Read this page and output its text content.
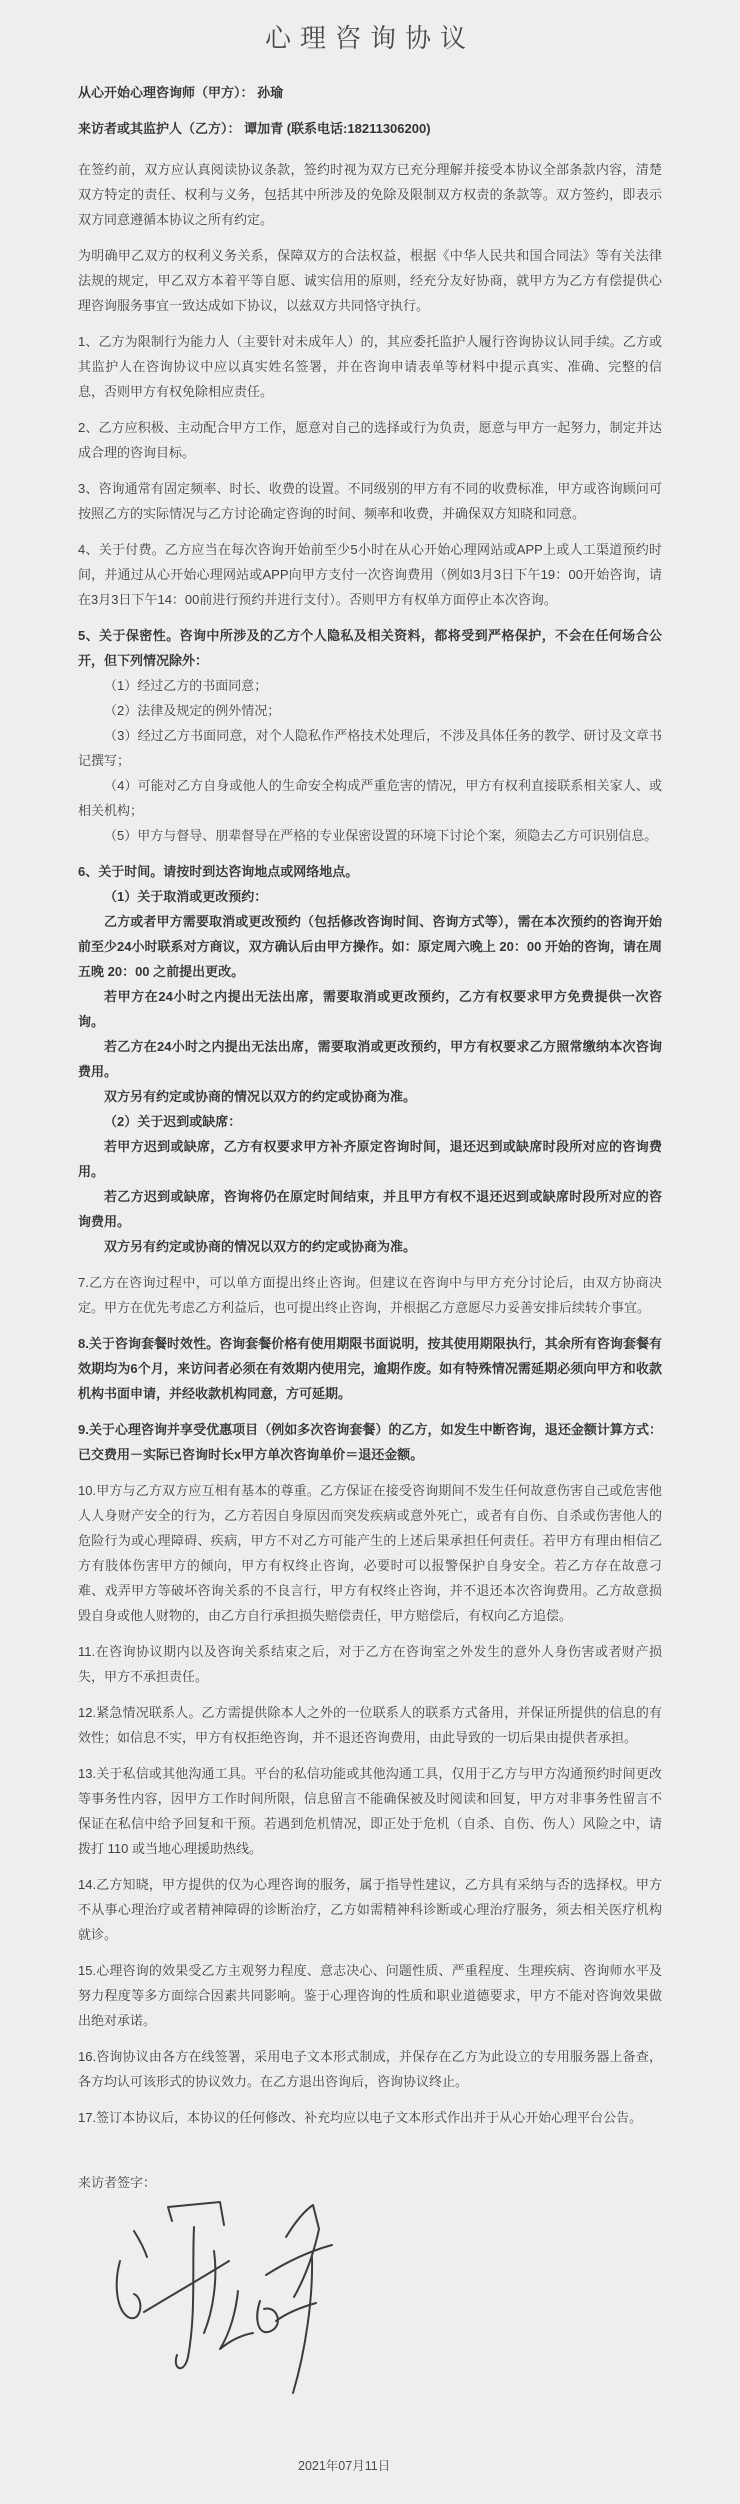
心理咨询协议

从心开始心理咨询师（甲方）： 孙瑜

来访者或其监护人（乙方）： 谭加青 (联系电话:18211306200)

在签约前，双方应认真阅读协议条款，签约时视为双方已充分理解并接受本协议全部条款内容，清楚双方特定的责任、权利与义务，包括其中所涉及的免除及限制双方权责的条款等。双方签约，即表示双方同意遵循本协议之所有约定。

为明确甲乙双方的权利义务关系，保障双方的合法权益，根据《中华人民共和国合同法》等有关法律法规的规定，甲乙双方本着平等自愿、诚实信用的原则，经充分友好协商，就甲方为乙方有偿提供心理咨询服务事宜一致达成如下协议，以兹双方共同恪守执行。

1、乙方为限制行为能力人（主要针对未成年人）的，其应委托监护人履行咨询协议认同手续。乙方或其监护人在咨询协议中应以真实姓名签署，并在咨询申请表单等材料中提示真实、准确、完整的信息，否则甲方有权免除相应责任。

2、乙方应积极、主动配合甲方工作，愿意对自己的选择或行为负责，愿意与甲方一起努力，制定并达成合理的咨询目标。

3、咨询通常有固定频率、时长、收费的设置。不同级别的甲方有不同的收费标准，甲方或咨询顾问可按照乙方的实际情况与乙方讨论确定咨询的时间、频率和收费，并确保双方知晓和同意。

4、关于付费。乙方应当在每次咨询开始前至少5小时在从心开始心理网站或APP上或人工渠道预约时间，并通过从心开始心理网站或APP向甲方支付一次咨询费用（例如3月3日下午19：00开始咨询，请在3月3日下午14：00前进行预约并进行支付）。否则甲方有权单方面停止本次咨询。

5、关于保密性。咨询中所涉及的乙方个人隐私及相关资料，都将受到严格保护，不会在任何场合公开，但下列情况除外：

（1）经过乙方的书面同意；

（2）法律及规定的例外情况；

（3）经过乙方书面同意，对个人隐私作严格技术处理后，不涉及具体任务的教学、研讨及文章书记撰写；

（4）可能对乙方自身或他人的生命安全构成严重危害的情况，甲方有权利直接联系相关家人、或相关机构；

（5）甲方与督导、朋辈督导在严格的专业保密设置的环境下讨论个案，须隐去乙方可识别信息。

6、关于时间。请按时到达咨询地点或网络地点。

（1）关于取消或更改预约：

乙方或者甲方需要取消或更改预约（包括修改咨询时间、咨询方式等），需在本次预约的咨询开始前至少24小时联系对方商议，双方确认后由甲方操作。如：原定周六晚上 20：00 开始的咨询，请在周五晚 20：00 之前提出更改。

若甲方在24小时之内提出无法出席，需要取消或更改预约，乙方有权要求甲方免费提供一次咨询。

若乙方在24小时之内提出无法出席，需要取消或更改预约，甲方有权要求乙方照常缴纳本次咨询费用。

双方另有约定或协商的情况以双方的约定或协商为准。

（2）关于迟到或缺席：

若甲方迟到或缺席，乙方有权要求甲方补齐原定咨询时间，退还迟到或缺席时段所对应的咨询费用。

若乙方迟到或缺席，咨询将仍在原定时间结束，并且甲方有权不退还迟到或缺席时段所对应的咨询费用。

双方另有约定或协商的情况以双方的约定或协商为准。

7.乙方在咨询过程中，可以单方面提出终止咨询。但建议在咨询中与甲方充分讨论后，由双方协商决定。甲方在优先考虑乙方利益后，也可提出终止咨询，并根据乙方意愿尽力妥善安排后续转介事宜。

8.关于咨询套餐时效性。咨询套餐价格有使用期限书面说明，按其使用期限执行，其余所有咨询套餐有效期均为6个月，来访问者必须在有效期内使用完，逾期作废。如有特殊情况需延期必须向甲方和收款机构书面申请，并经收款机构同意，方可延期。

9.关于心理咨询并享受优惠项目（例如多次咨询套餐）的乙方，如发生中断咨询，退还金额计算方式：已交费用－实际已咨询时长x甲方单次咨询单价＝退还金额。

10.甲方与乙方双方应互相有基本的尊重。乙方保证在接受咨询期间不发生任何故意伤害自己或危害他人人身财产安全的行为，乙方若因自身原因而突发疾病或意外死亡，或者有自伤、自杀或伤害他人的危险行为或心理障碍、疾病，甲方不对乙方可能产生的上述后果承担任何责任。若甲方有理由相信乙方有肢体伤害甲方的倾向，甲方有权终止咨询，必要时可以报警保护自身安全。若乙方存在故意刁难、戏弄甲方等破坏咨询关系的不良言行，甲方有权终止咨询，并不退还本次咨询费用。乙方故意损毁自身或他人财物的，由乙方自行承担损失赔偿责任，甲方赔偿后，有权向乙方追偿。

11.在咨询协议期内以及咨询关系结束之后，对于乙方在咨询室之外发生的意外人身伤害或者财产损失，甲方不承担责任。

12.紧急情况联系人。乙方需提供除本人之外的一位联系人的联系方式备用，并保证所提供的信息的有效性；如信息不实，甲方有权拒绝咨询，并不退还咨询费用，由此导致的一切后果由提供者承担。

13.关于私信或其他沟通工具。平台的私信功能或其他沟通工具，仅用于乙方与甲方沟通预约时间更改等事务性内容，因甲方工作时间所限，信息留言不能确保被及时阅读和回复，甲方对非事务性留言不保证在私信中给予回复和干预。若遇到危机情况，即正处于危机（自杀、自伤、伤人）风险之中，请拨打 110 或当地心理援助热线。

14.乙方知晓，甲方提供的仅为心理咨询的服务，属于指导性建议，乙方具有采纳与否的选择权。甲方不从事心理治疗或者精神障碍的诊断治疗，乙方如需精神科诊断或心理治疗服务，须去相关医疗机构就诊。

15.心理咨询的效果受乙方主观努力程度、意志决心、问题性质、严重程度、生理疾病、咨询师水平及努力程度等多方面综合因素共同影响。鉴于心理咨询的性质和职业道德要求，甲方不能对咨询效果做出绝对承诺。

16.咨询协议由各方在线签署，采用电子文本形式制成，并保存在乙方为此设立的专用服务器上备查，各方均认可该形式的协议效力。在乙方退出咨询后，咨询协议终止。

17.签订本协议后，本协议的任何修改、补充均应以电子文本形式作出并于从心开始心理平台公告。

来访者签字：

2021年07月11日
